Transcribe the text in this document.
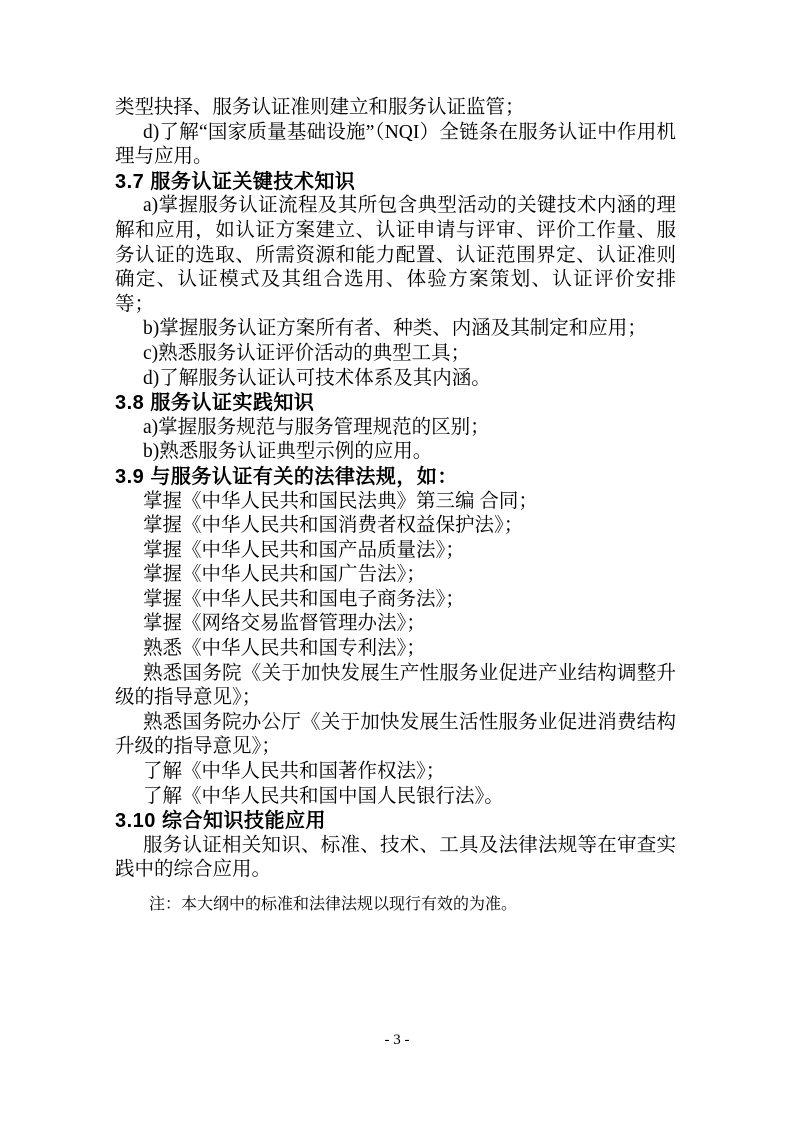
类型抉择、服务认证准则建立和服务认证监管；

d)了解“国家质量基础设施”（NQI）全链条在服务认证中作用机理与应用。

3.7 服务认证关键技术知识

a)掌握服务认证流程及其所包含典型活动的关键技术内涵的理解和应用，如认证方案建立、认证申请与评审、评价工作量、服务认证的选取、所需资源和能力配置、认证范围界定、认证准则确定、认证模式及其组合选用、体验方案策划、认证评价安排等；

b)掌握服务认证方案所有者、种类、内涵及其制定和应用；

c)熟悉服务认证评价活动的典型工具；

d)了解服务认证认可技术体系及其内涵。

3.8 服务认证实践知识

a)掌握服务规范与服务管理规范的区别；

b)熟悉服务认证典型示例的应用。

3.9 与服务认证有关的法律法规，如：

掌握《中华人民共和国民法典》第三编 合同；

掌握《中华人民共和国消费者权益保护法》；

掌握《中华人民共和国产品质量法》；

掌握《中华人民共和国广告法》；

掌握《中华人民共和国电子商务法》；

掌握《网络交易监督管理办法》；

熟悉《中华人民共和国专利法》；

熟悉国务院《关于加快发展生产性服务业促进产业结构调整升级的指导意见》；

熟悉国务院办公厅《关于加快发展生活性服务业促进消费结构升级的指导意见》；

了解《中华人民共和国著作权法》；

了解《中华人民共和国中国人民银行法》。

3.10 综合知识技能应用

服务认证相关知识、标准、技术、工具及法律法规等在审查实践中的综合应用。

注：本大纲中的标准和法律法规以现行有效的为准。

- 3 -
